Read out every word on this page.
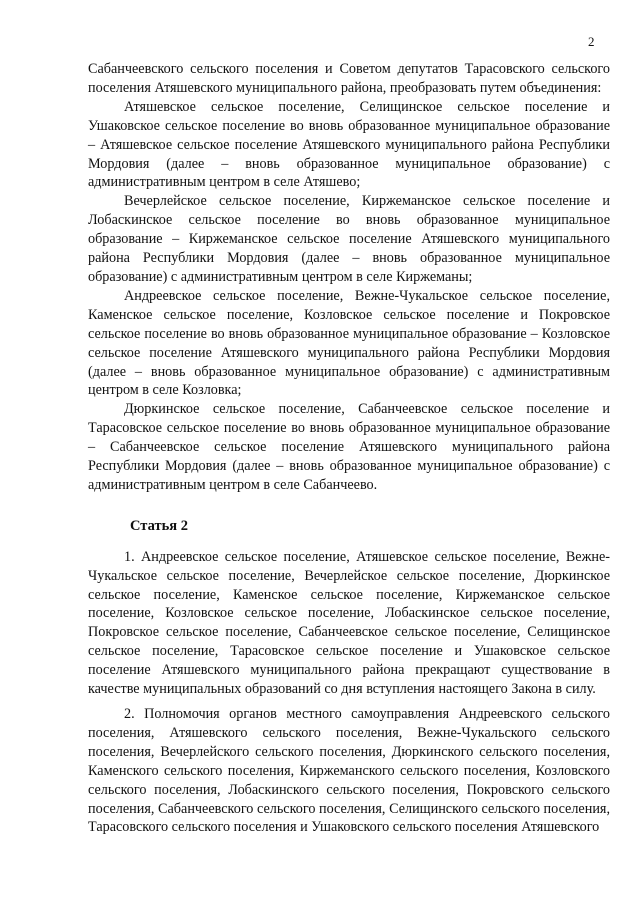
2

Сабанчеевского сельского поселения и Советом депутатов Тарасовского сельского поселения Атяшевского муниципального района, преобразовать путем объединения:

Атяшевское сельское поселение, Селищинское сельское поселение и Ушаковское сельское поселение во вновь образованное муниципальное образование – Атяшевское сельское поселение Атяшевского муниципального района Республики Мордовия (далее – вновь образованное муниципальное образование) с административным центром в селе Атяшево;

Вечерлейское сельское поселение, Киржеманское сельское поселение и Лобаскинское сельское поселение во вновь образованное муниципальное образование – Киржеманское сельское поселение Атяшевского муниципального района Республики Мордовия (далее – вновь образованное муниципальное образование) с административным центром в селе Киржеманы;

Андреевское сельское поселение, Вежне-Чукальское сельское поселение, Каменское сельское поселение, Козловское сельское поселение и Покровское сельское поселение во вновь образованное муниципальное образование – Козловское сельское поселение Атяшевского муниципального района Республики Мордовия (далее – вновь образованное муниципальное образование) с административным центром в селе Козловка;

Дюркинское сельское поселение, Сабанчеевское сельское поселение и Тарасовское сельское поселение во вновь образованное муниципальное образование – Сабанчеевское сельское поселение Атяшевского муниципального района Республики Мордовия (далее – вновь образованное муниципальное образование) с административным центром в селе Сабанчеево.

Статья 2

1. Андреевское сельское поселение, Атяшевское сельское поселение, Вежне-Чукальское сельское поселение, Вечерлейское сельское поселение, Дюркинское сельское поселение, Каменское сельское поселение, Киржеманское сельское поселение, Козловское сельское поселение, Лобаскинское сельское поселение, Покровское сельское поселение, Сабанчеевское сельское поселение, Селищинское сельское поселение, Тарасовское сельское поселение и Ушаковское сельское поселение Атяшевского муниципального района прекращают существование в качестве муниципальных образований со дня вступления настоящего Закона в силу.

2. Полномочия органов местного самоуправления Андреевского сельского поселения, Атяшевского сельского поселения, Вежне-Чукальского сельского поселения, Вечерлейского сельского поселения, Дюркинского сельского поселения, Каменского сельского поселения, Киржеманского сельского поселения, Козловского сельского поселения, Лобаскинского сельского поселения, Покровского сельского поселения, Сабанчеевского сельского поселения, Селищинского сельского поселения, Тарасовского сельского поселения и Ушаковского сельского поселения Атяшевского
